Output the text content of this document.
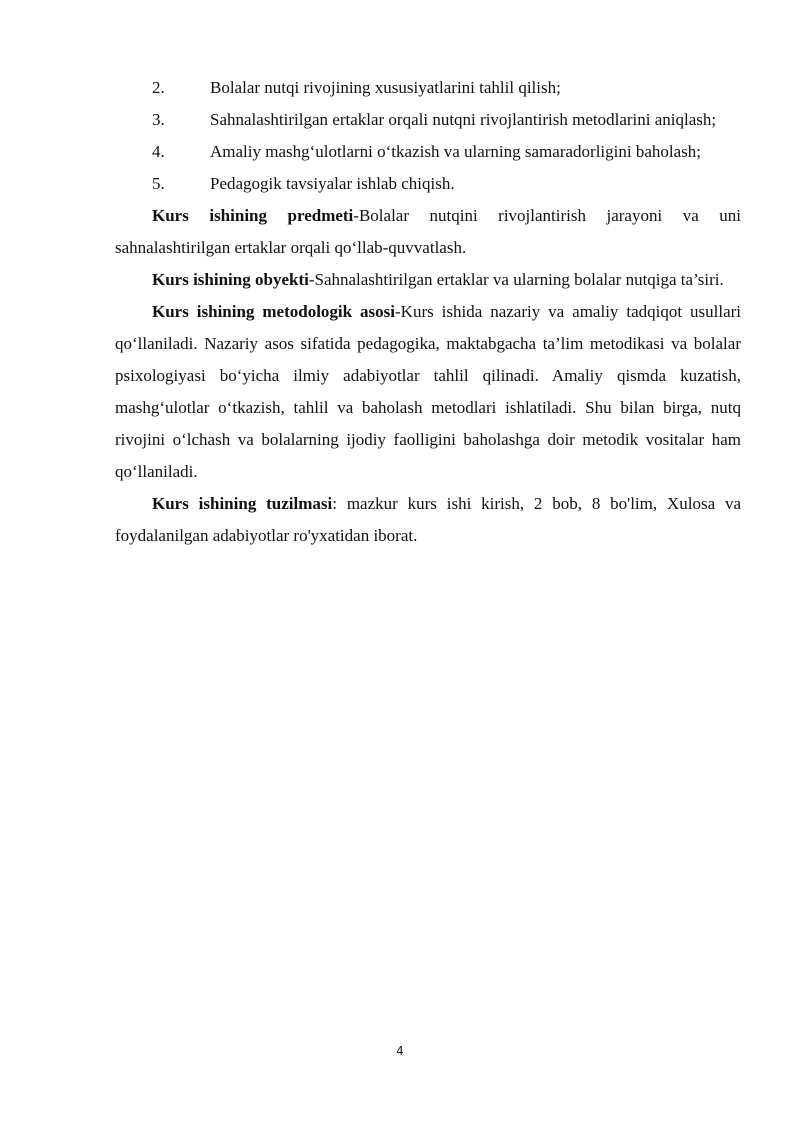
2.	Bolalar nutqi rivojining xususiyatlarini tahlil qilish;

3.	Sahnalashtirilgan ertaklar orqali nutqni rivojlantirish metodlarini aniqlash;

4.	Amaliy mashg‘ulotlarni o‘tkazish va ularning samaradorligini baholash;

5.	Pedagogik tavsiyalar ishlab chiqish.

Kurs ishining predmeti-Bolalar nutqini rivojlantirish jarayoni va uni sahnalashtirilgan ertaklar orqali qo‘llab-quvvatlash.

Kurs ishining obyekti-Sahnalashtirilgan ertaklar va ularning bolalar nutqiga ta’siri.

Kurs ishining metodologik asosi-Kurs ishida nazariy va amaliy tadqiqot usullari qo‘llaniladi. Nazariy asos sifatida pedagogika, maktabgacha ta’lim metodikasi va bolalar psixologiyasi bo‘yicha ilmiy adabiyotlar tahlil qilinadi. Amaliy qismda kuzatish, mashg‘ulotlar o‘tkazish, tahlil va baholash metodlari ishlatiladi. Shu bilan birga, nutq rivojini o‘lchash va bolalarning ijodiy faolligini baholashga doir metodik vositalar ham qo‘llaniladi.

Kurs ishining tuzilmasi: mazkur kurs ishi kirish, 2 bob, 8 bo'lim, Xulosa va foydalanilgan adabiyotlar ro'yxatidan iborat.

4
